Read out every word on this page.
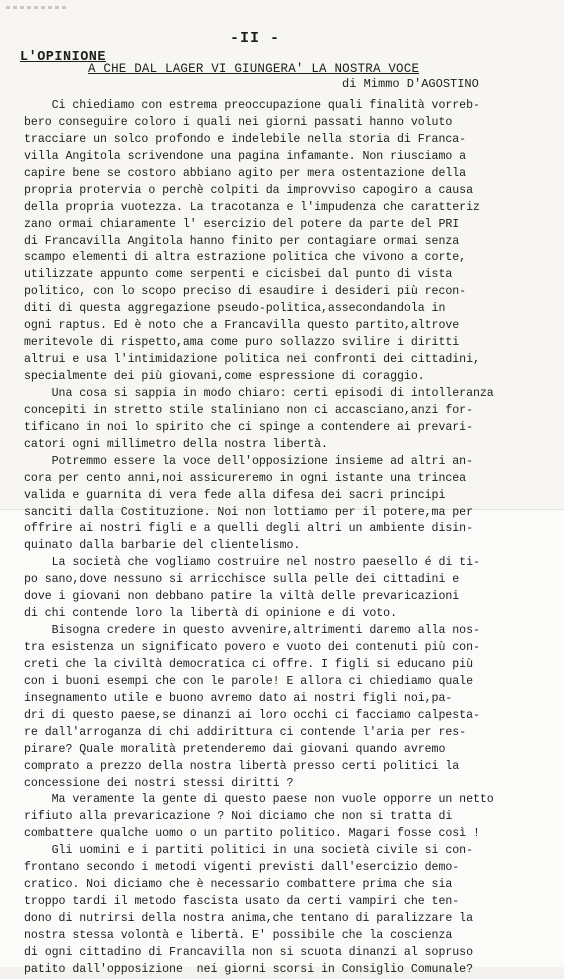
-II -
L'OPINIONE
A CHE DAL LAGER VI GIUNGERA' LA NOSTRA VOCE
di Mimmo D'AGOSTINO
Ci chiediamo con estrema preoccupazione quali finalità vorreb-
bero conseguire coloro i quali nei giorni passati hanno voluto
tracciare un solco profondo e indelebile nella storia di Franca-
villa Angitola scrivendone una pagina infamante. Non riusciamo a
capire bene se costoro abbiano agito per mera ostentazione della
propria protervia o perchè colpiti da improvviso capogiro a causa
della propria vuotezza. La tracotanza e l'impudenza che caratteriz
zano ormai chiaramente l' esercizio del potere da parte del PRI
di Francavilla Angitola hanno finito per contagiare ormai senza
scampo elementi di altra estrazione politica che vivono a corte,
utilizzate appunto come serpenti e cicisbei dal punto di vista
politico, con lo scopo preciso di esaudire i desideri più recon-
diti di questa aggregazione pseudo-politica,assecondandola in
ogni raptus. Ed è noto che a Francavilla questo partito,altrove
meritevole di rispetto,ama come puro sollazzo svilire i diritti
altrui e usa l'intimidazione politica nei confronti dei cittadini,
specialmente dei più giovani,come espressione di coraggio.
Una cosa si sappia in modo chiaro: certi episodi di intolleranza
concepiti in stretto stile staliniano non ci accasciano,anzi for-
tificano in noi lo spirito che ci spinge a contendere ai prevari-
catori ogni millimetro della nostra libertà.
Potremmo essere la voce dell'opposizione insieme ad altri an-
cora per cento anni,noi assicureremo in ogni istante una trincea
valida e guarnita di vera fede alla difesa dei sacri principi
sanciti dalla Costituzione. Noi non lottiamo per il potere,ma per
offrire ai nostri figli e a quelli degli altri un ambiente disin-
quinato dalla barbarie del clientelismo.
La società che vogliamo costruire nel nostro paesello é di ti-
po sano,dove nessuno si arricchisce sulla pelle dei cittadini e
dove i giovani non debbano patire la viltà delle prevaricazioni
di chi contende loro la libertà di opinione e di voto.
Bisogna credere in questo avvenire,altrimenti daremo alla nos-
tra esistenza un significato povero e vuoto dei contenuti più con-
creti che la civiltà democratica ci offre. I figli si educano più
con i buoni esempi che con le parole! E allora ci chiediamo quale
insegnamento utile e buono avremo dato ai nostri figli noi,pa-
dri di questo paese,se dinanzi ai loro occhi ci facciamo calpesta-
re dall'arroganza di chi addirittura ci contende l'aria per res-
pirare? Quale moralità pretenderemo dai giovani quando avremo
comprato a prezzo della nostra libertà presso certi politici la
concessione dei nostri stessi diritti ?
Ma veramente la gente di questo paese non vuole opporre un netto
rifiuto alla prevaricazione ? Noi diciamo che non si tratta di
combattere qualche uomo o un partito politico. Magari fosse così !
Gli uomini e i partiti politici in una società civile si con-
frontano secondo i metodi vigenti previsti dall'esercizio demo-
cratico. Noi diciamo che è necessario combattere prima che sia
troppo tardi il metodo fascista usato da certi vampiri che ten-
dono di nutrirsi della nostra anima,che tentano di paralizzare la
nostra stessa volontà e libertà. E' possibile che la coscienza
di ogni cittadino di Francavilla non si scuota dinanzi al sopruso
patito dall'opposizione  nei giorni scorsi in Consiglio Comunale?
